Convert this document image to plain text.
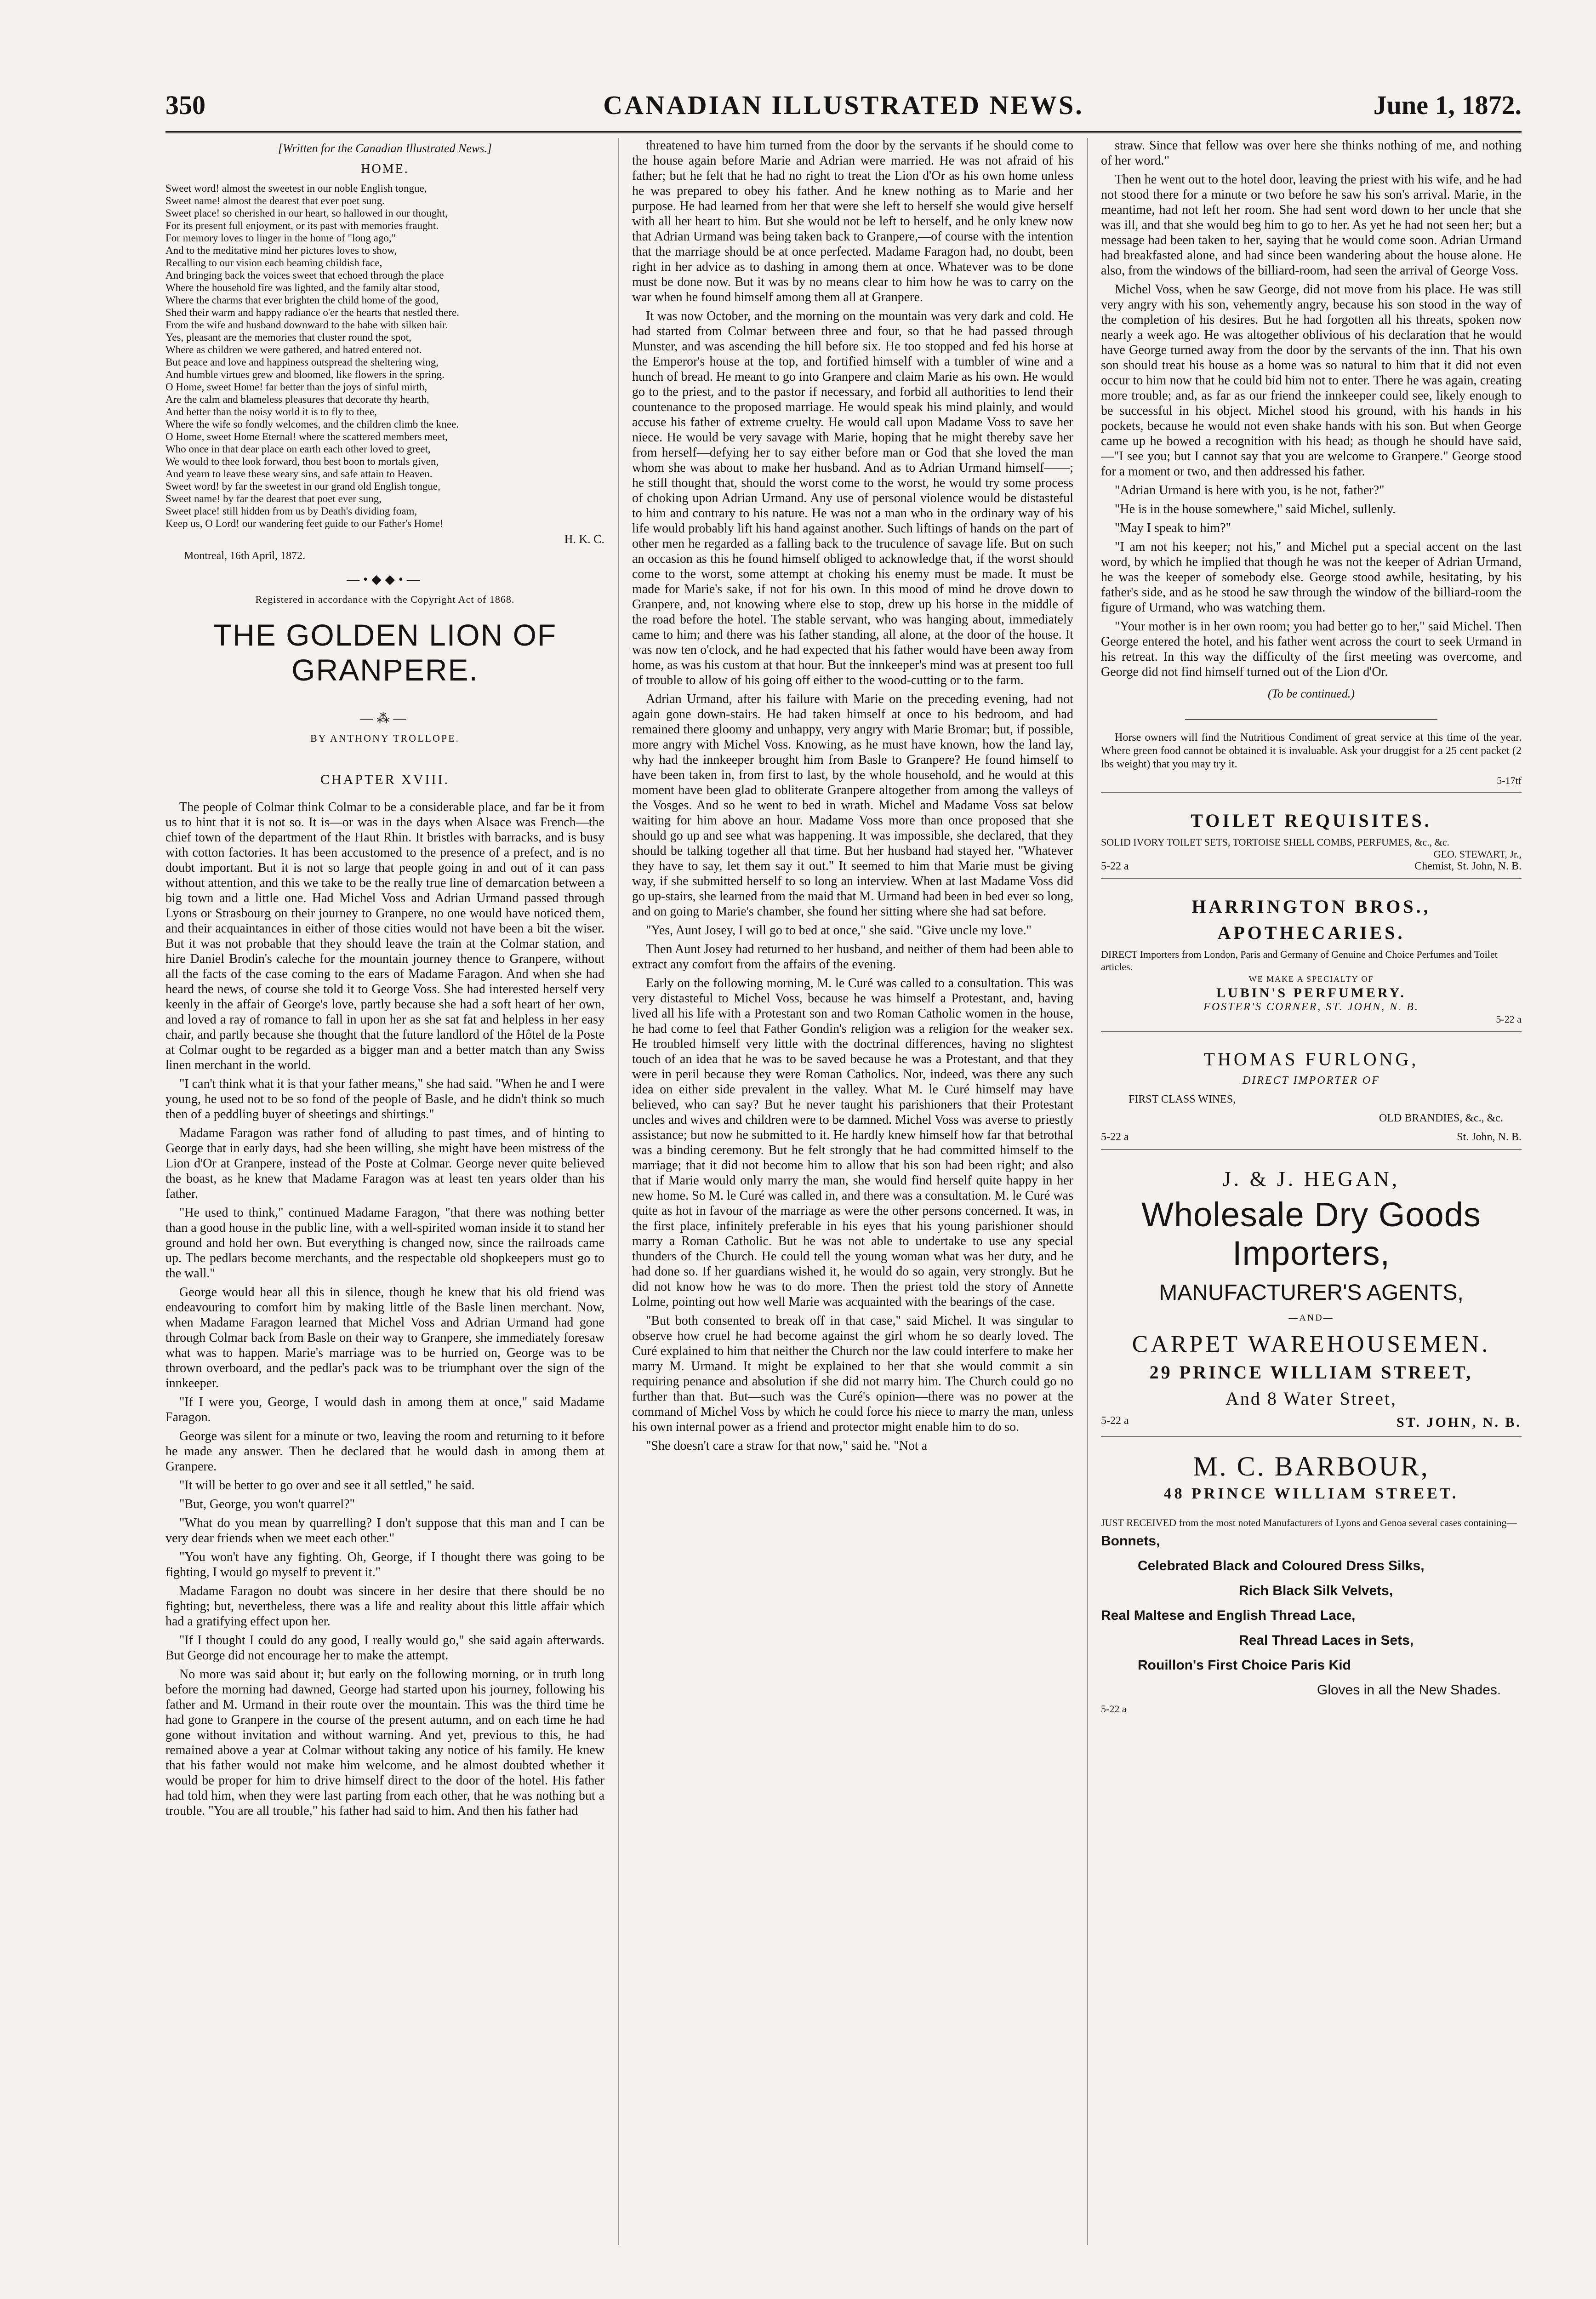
350	CANADIAN ILLUSTRATED NEWS.	June 1, 1872.
[Written for the Canadian Illustrated News.]
HOME.

Sweet word! almost the sweetest in our noble English tongue,

Sweet name! almost the dearest that ever poet sung.

Sweet place! so cherished in our heart, so hallowed in our thought,

For its present full enjoyment, or its past with memories fraught.

For memory loves to linger in the home of "long ago,"

And to the meditative mind her pictures loves to show,

Recalling to our vision each beaming childish face,

And bringing back the voices sweet that echoed through the place

Where the household fire was lighted, and the family altar stood,

Where the charms that ever brighten the child home of the good,

Shed their warm and happy radiance o'er the hearts that nestled there.

From the wife and husband downward to the babe with silken hair.

Yes, pleasant are the memories that cluster round the spot,

Where as children we were gathered, and hatred entered not.

But peace and love and happiness outspread the sheltering wing,

And humble virtues grew and bloomed, like flowers in the spring.

O Home, sweet Home! far better than the joys of sinful mirth,

Are the calm and blameless pleasures that decorate thy hearth,

And better than the noisy world it is to fly to thee,

Where the wife so fondly welcomes, and the children climb the knee.

O Home, sweet Home Eternal! where the scattered members meet,

Who once in that dear place on earth each other loved to greet,

We would to thee look forward, thou best boon to mortals given,

And yearn to leave these weary sins, and safe attain to Heaven.

Sweet word! by far the sweetest in our grand old English tongue,

Sweet name! by far the dearest that poet ever sung,

Sweet place! still hidden from us by Death's dividing foam,

Keep us, O Lord! our wandering feet guide to our Father's Home!

H. K. C.
Montreal, 16th April, 1872.
—•◆◆•—
Registered in accordance with the Copyright Act of 1868.
THE GOLDEN LION OF GRANPERE.
—⁂—
BY ANTHONY TROLLOPE.
CHAPTER XVIII.

The people of Colmar think Colmar to be a considerable place, and far be it from us to hint that it is not so. It is—or was in the days when Alsace was French—the chief town of the department of the Haut Rhin. It bristles with barracks, and is busy with cotton factories. It has been accustomed to the presence of a prefect, and is no doubt important. But it is not so large that people going in and out of it can pass without attention, and this we take to be the really true line of demarcation between a big town and a little one. Had Michel Voss and Adrian Urmand passed through Lyons or Strasbourg on their journey to Granpere, no one would have noticed them, and their acquaintances in either of those cities would not have been a bit the wiser. But it was not probable that they should leave the train at the Colmar station, and hire Daniel Brodin's caleche for the mountain journey thence to Granpere, without all the facts of the case coming to the ears of Madame Faragon. And when she had heard the news, of course she told it to George Voss. She had interested herself very keenly in the affair of George's love, partly because she had a soft heart of her own, and loved a ray of romance to fall in upon her as she sat fat and helpless in her easy chair, and partly because she thought that the future landlord of the Hôtel de la Poste at Colmar ought to be regarded as a bigger man and a better match than any Swiss linen merchant in the world.

"I can't think what it is that your father means," she had said. "When he and I were young, he used not to be so fond of the people of Basle, and he didn't think so much then of a peddling buyer of sheetings and shirtings."

Madame Faragon was rather fond of alluding to past times, and of hinting to George that in early days, had she been willing, she might have been mistress of the Lion d'Or at Granpere, instead of the Poste at Colmar. George never quite believed the boast, as he knew that Madame Faragon was at least ten years older than his father.

"He used to think," continued Madame Faragon, "that there was nothing better than a good house in the public line, with a well-spirited woman inside it to stand her ground and hold her own. But everything is changed now, since the railroads came up. The pedlars become merchants, and the respectable old shopkeepers must go to the wall."

George would hear all this in silence, though he knew that his old friend was endeavouring to comfort him by making little of the Basle linen merchant. Now, when Madame Faragon learned that Michel Voss and Adrian Urmand had gone through Colmar back from Basle on their way to Granpere, she immediately foresaw what was to happen. Marie's marriage was to be hurried on, George was to be thrown overboard, and the pedlar's pack was to be triumphant over the sign of the innkeeper.

"If I were you, George, I would dash in among them at once," said Madame Faragon.

George was silent for a minute or two, leaving the room and returning to it before he made any answer. Then he declared that he would dash in among them at Granpere.

"It will be better to go over and see it all settled," he said.

"But, George, you won't quarrel?"

"What do you mean by quarrelling? I don't suppose that this man and I can be very dear friends when we meet each other."

"You won't have any fighting. Oh, George, if I thought there was going to be fighting, I would go myself to prevent it."

Madame Faragon no doubt was sincere in her desire that there should be no fighting; but, nevertheless, there was a life and reality about this little affair which had a gratifying effect upon her.

"If I thought I could do any good, I really would go," she said again afterwards. But George did not encourage her to make the attempt.

No more was said about it; but early on the following morning, or in truth long before the morning had dawned, George had started upon his journey, following his father and M. Urmand in their route over the mountain. This was the third time he had gone to Granpere in the course of the present autumn, and on each time he had gone without invitation and without warning. And yet, previous to this, he had remained above a year at Colmar without taking any notice of his family. He knew that his father would not make him welcome, and he almost doubted whether it would be proper for him to drive himself direct to the door of the hotel. His father had told him, when they were last parting from each other, that he was nothing but a trouble. "You are all trouble," his father had said to him. And then his father had

threatened to have him turned from the door by the servants if he should come to the house again before Marie and Adrian were married. He was not afraid of his father; but he felt that he had no right to treat the Lion d'Or as his own home unless he was prepared to obey his father. And he knew nothing as to Marie and her purpose. He had learned from her that were she left to herself she would give herself with all her heart to him. But she would not be left to herself, and he only knew now that Adrian Urmand was being taken back to Granpere,—of course with the intention that the marriage should be at once perfected. Madame Faragon had, no doubt, been right in her advice as to dashing in among them at once. Whatever was to be done must be done now. But it was by no means clear to him how he was to carry on the war when he found himself among them all at Granpere.

It was now October, and the morning on the mountain was very dark and cold. He had started from Colmar between three and four, so that he had passed through Munster, and was ascending the hill before six. He too stopped and fed his horse at the Emperor's house at the top, and fortified himself with a tumbler of wine and a hunch of bread. He meant to go into Granpere and claim Marie as his own. He would go to the priest, and to the pastor if necessary, and forbid all authorities to lend their countenance to the proposed marriage. He would speak his mind plainly, and would accuse his father of extreme cruelty. He would call upon Madame Voss to save her niece. He would be very savage with Marie, hoping that he might thereby save her from herself—defying her to say either before man or God that she loved the man whom she was about to make her husband. And as to Adrian Urmand himself——; he still thought that, should the worst come to the worst, he would try some process of choking upon Adrian Urmand. Any use of personal violence would be distasteful to him and contrary to his nature. He was not a man who in the ordinary way of his life would probably lift his hand against another. Such liftings of hands on the part of other men he regarded as a falling back to the truculence of savage life. But on such an occasion as this he found himself obliged to acknowledge that, if the worst should come to the worst, some attempt at choking his enemy must be made. It must be made for Marie's sake, if not for his own. In this mood of mind he drove down to Granpere, and, not knowing where else to stop, drew up his horse in the middle of the road before the hotel. The stable servant, who was hanging about, immediately came to him; and there was his father standing, all alone, at the door of the house. It was now ten o'clock, and he had expected that his father would have been away from home, as was his custom at that hour. But the innkeeper's mind was at present too full of trouble to allow of his going off either to the wood-cutting or to the farm.

Adrian Urmand, after his failure with Marie on the preceding evening, had not again gone down-stairs. He had taken himself at once to his bedroom, and had remained there gloomy and unhappy, very angry with Marie Bromar; but, if possible, more angry with Michel Voss. Knowing, as he must have known, how the land lay, why had the innkeeper brought him from Basle to Granpere? He found himself to have been taken in, from first to last, by the whole household, and he would at this moment have been glad to obliterate Granpere altogether from among the valleys of the Vosges. And so he went to bed in wrath. Michel and Madame Voss sat below waiting for him above an hour. Madame Voss more than once proposed that she should go up and see what was happening. It was impossible, she declared, that they should be talking together all that time. But her husband had stayed her. "Whatever they have to say, let them say it out." It seemed to him that Marie must be giving way, if she submitted herself to so long an interview. When at last Madame Voss did go up-stairs, she learned from the maid that M. Urmand had been in bed ever so long, and on going to Marie's chamber, she found her sitting where she had sat before.

"Yes, Aunt Josey, I will go to bed at once," she said. "Give uncle my love."

Then Aunt Josey had returned to her husband, and neither of them had been able to extract any comfort from the affairs of the evening.

Early on the following morning, M. le Curé was called to a consultation. This was very distasteful to Michel Voss, because he was himself a Protestant, and, having lived all his life with a Protestant son and two Roman Catholic women in the house, he had come to feel that Father Gondin's religion was a religion for the weaker sex. He troubled himself very little with the doctrinal differences, having no slightest touch of an idea that he was to be saved because he was a Protestant, and that they were in peril because they were Roman Catholics. Nor, indeed, was there any such idea on either side prevalent in the valley. What M. le Curé himself may have believed, who can say? But he never taught his parishioners that their Protestant uncles and wives and children were to be damned. Michel Voss was averse to priestly assistance; but now he submitted to it. He hardly knew himself how far that betrothal was a binding ceremony. But he felt strongly that he had committed himself to the marriage; that it did not become him to allow that his son had been right; and also that if Marie would only marry the man, she would find herself quite happy in her new home. So M. le Curé was called in, and there was a consultation. M. le Curé was quite as hot in favour of the marriage as were the other persons concerned. It was, in the first place, infinitely preferable in his eyes that his young parishioner should marry a Roman Catholic. But he was not able to undertake to use any special thunders of the Church. He could tell the young woman what was her duty, and he had done so. If her guardians wished it, he would do so again, very strongly. But he did not know how he was to do more. Then the priest told the story of Annette Lolme, pointing out how well Marie was acquainted with the bearings of the case.

"But both consented to break off in that case," said Michel. It was singular to observe how cruel he had become against the girl whom he so dearly loved. The Curé explained to him that neither the Church nor the law could interfere to make her marry M. Urmand. It might be explained to her that she would commit a sin requiring penance and absolution if she did not marry him. The Church could go no further than that. But—such was the Curé's opinion—there was no power at the command of Michel Voss by which he could force his niece to marry the man, unless his own internal power as a friend and protector might enable him to do so.

"She doesn't care a straw for that now," said he. "Not a

straw. Since that fellow was over here she thinks nothing of me, and nothing of her word."

Then he went out to the hotel door, leaving the priest with his wife, and he had not stood there for a minute or two before he saw his son's arrival. Marie, in the meantime, had not left her room. She had sent word down to her uncle that she was ill, and that she would beg him to go to her. As yet he had not seen her; but a message had been taken to her, saying that he would come soon. Adrian Urmand had breakfasted alone, and had since been wandering about the house alone. He also, from the windows of the billiard-room, had seen the arrival of George Voss.

Michel Voss, when he saw George, did not move from his place. He was still very angry with his son, vehemently angry, because his son stood in the way of the completion of his desires. But he had forgotten all his threats, spoken now nearly a week ago. He was altogether oblivious of his declaration that he would have George turned away from the door by the servants of the inn. That his own son should treat his house as a home was so natural to him that it did not even occur to him now that he could bid him not to enter. There he was again, creating more trouble; and, as far as our friend the innkeeper could see, likely enough to be successful in his object. Michel stood his ground, with his hands in his pockets, because he would not even shake hands with his son. But when George came up he bowed a recognition with his head; as though he should have said,—"I see you; but I cannot say that you are welcome to Granpere." George stood for a moment or two, and then addressed his father.

"Adrian Urmand is here with you, is he not, father?"

"He is in the house somewhere," said Michel, sullenly.

"May I speak to him?"

"I am not his keeper; not his," and Michel put a special accent on the last word, by which he implied that though he was not the keeper of Adrian Urmand, he was the keeper of somebody else. George stood awhile, hesitating, by his father's side, and as he stood he saw through the window of the billiard-room the figure of Urmand, who was watching them.

"Your mother is in her own room; you had better go to her," said Michel. Then George entered the hotel, and his father went across the court to seek Urmand in his retreat. In this way the difficulty of the first meeting was overcome, and George did not find himself turned out of the Lion d'Or.

(To be continued.)

Horse owners will find the Nutritious Condiment of great service at this time of the year. Where green food cannot be obtained it is invaluable. Ask your druggist for a 25 cent packet (2 lbs weight) that you may try it.

5-17tf
TOILET REQUISITES.
SOLID IVORY TOILET SETS, TORTOISE SHELL COMBS, PERFUMES, &c., &c.
GEO. STEWART, Jr.,
5-22 a	Chemist, St. John, N. B.
HARRINGTON BROS.,
APOTHECARIES.
DIRECT Importers from London, Paris and Germany of Genuine and Choice Perfumes and Toilet articles.
WE MAKE A SPECIALTY OF
LUBIN'S PERFUMERY.
FOSTER'S CORNER, ST. JOHN, N. B.
5-22 a
THOMAS FURLONG,
DIRECT IMPORTER OF
FIRST CLASS WINES,
OLD BRANDIES, &c., &c.
5-22 a	St. John, N. B.
J. & J. HEGAN,
Wholesale Dry Goods Importers,
MANUFACTURER'S AGENTS,
—AND—
CARPET WAREHOUSEMEN.
29 PRINCE WILLIAM STREET,
And 8 Water Street,
5-22 a	ST. JOHN, N. B.
M. C. BARBOUR,
48 PRINCE WILLIAM STREET.
JUST RECEIVED from the most noted Manufacturers of Lyons and Genoa several cases containing—
Bonnets,
Celebrated Black and Coloured Dress Silks,
Rich Black Silk Velvets,
Real Maltese and English Thread Lace,
Real Thread Laces in Sets,
Rouillon's First Choice Paris Kid
Gloves in all the New Shades.
5-22 a
